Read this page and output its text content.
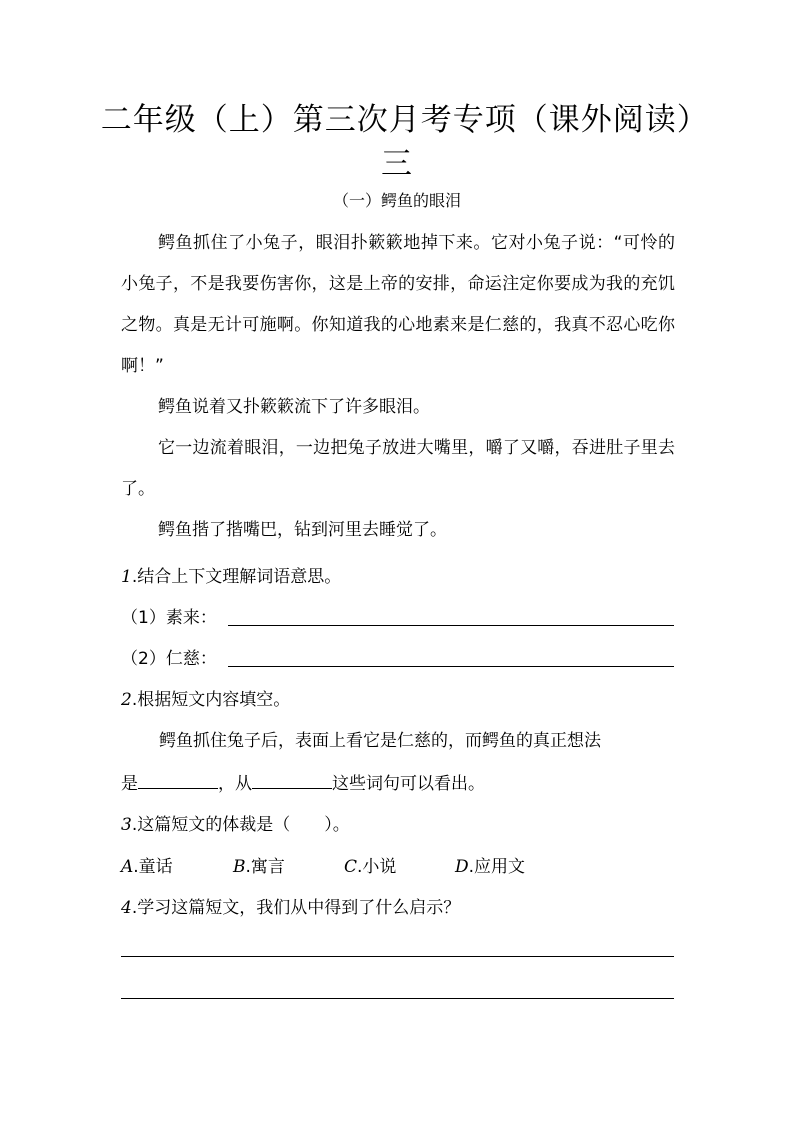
二年级（上）第三次月考专项（课外阅读）三
（一）鳄鱼的眼泪
鳄鱼抓住了小兔子，眼泪扑簌簌地掉下来。它对小兔子说：“可怜的小兔子，不是我要伤害你，这是上帝的安排，命运注定你要成为我的充饥之物。真是无计可施啊。你知道我的心地素来是仁慈的，我真不忍心吃你啊！”
鳄鱼说着又扑簌簌流下了许多眼泪。
它一边流着眼泪，一边把兔子放进大嘴里，嚼了又嚼，吞进肚子里去了。
鳄鱼揩了揩嘴巴，钻到河里去睡觉了。
1.结合上下文理解词语意思。
（1）素来：
（2）仁慈：
2.根据短文内容填空。
鳄鱼抓住兔子后，表面上看它是仁慈的，而鳄鱼的真正想法
是	，从	这些词句可以看出。
3.这篇短文的体裁是（　　）。
A.童话	B.寓言	C.小说	D.应用文
4.学习这篇短文，我们从中得到了什么启示？
